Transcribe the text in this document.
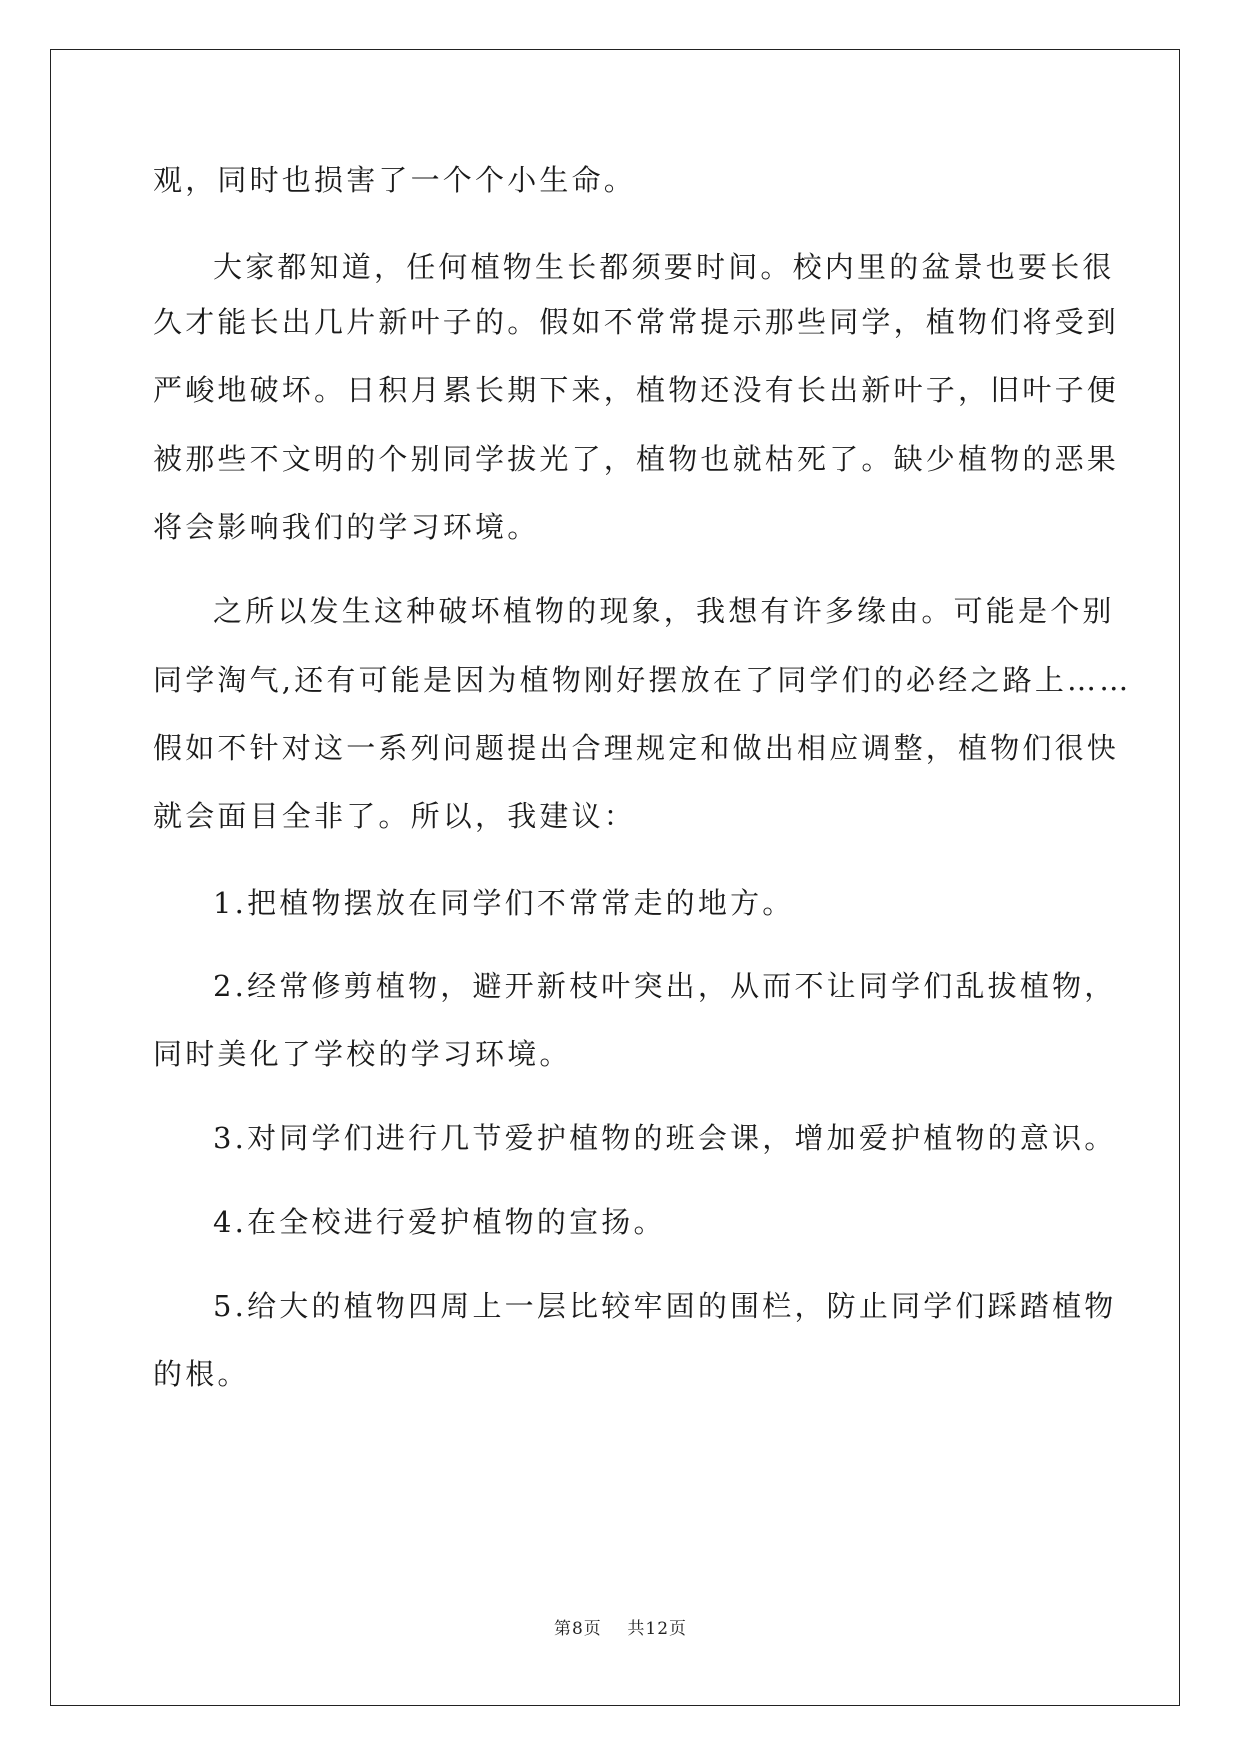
观，同时也损害了一个个小生命。
大家都知道，任何植物生长都须要时间。校内里的盆景也要长很
久才能长出几片新叶子的。假如不常常提示那些同学，植物们将受到
严峻地破坏。日积月累长期下来，植物还没有长出新叶子，旧叶子便
被那些不文明的个别同学拔光了，植物也就枯死了。缺少植物的恶果
将会影响我们的学习环境。
之所以发生这种破坏植物的现象，我想有许多缘由。可能是个别
同学淘气,还有可能是因为植物刚好摆放在了同学们的必经之路上……
假如不针对这一系列问题提出合理规定和做出相应调整，植物们很快
就会面目全非了。所以，我建议：
1.把植物摆放在同学们不常常走的地方。
2.经常修剪植物，避开新枝叶突出，从而不让同学们乱拔植物，
同时美化了学校的学习环境。
3.对同学们进行几节爱护植物的班会课，增加爱护植物的意识。
4.在全校进行爱护植物的宣扬。
5.给大的植物四周上一层比较牢固的围栏，防止同学们踩踏植物
的根。
第8页 共12页
